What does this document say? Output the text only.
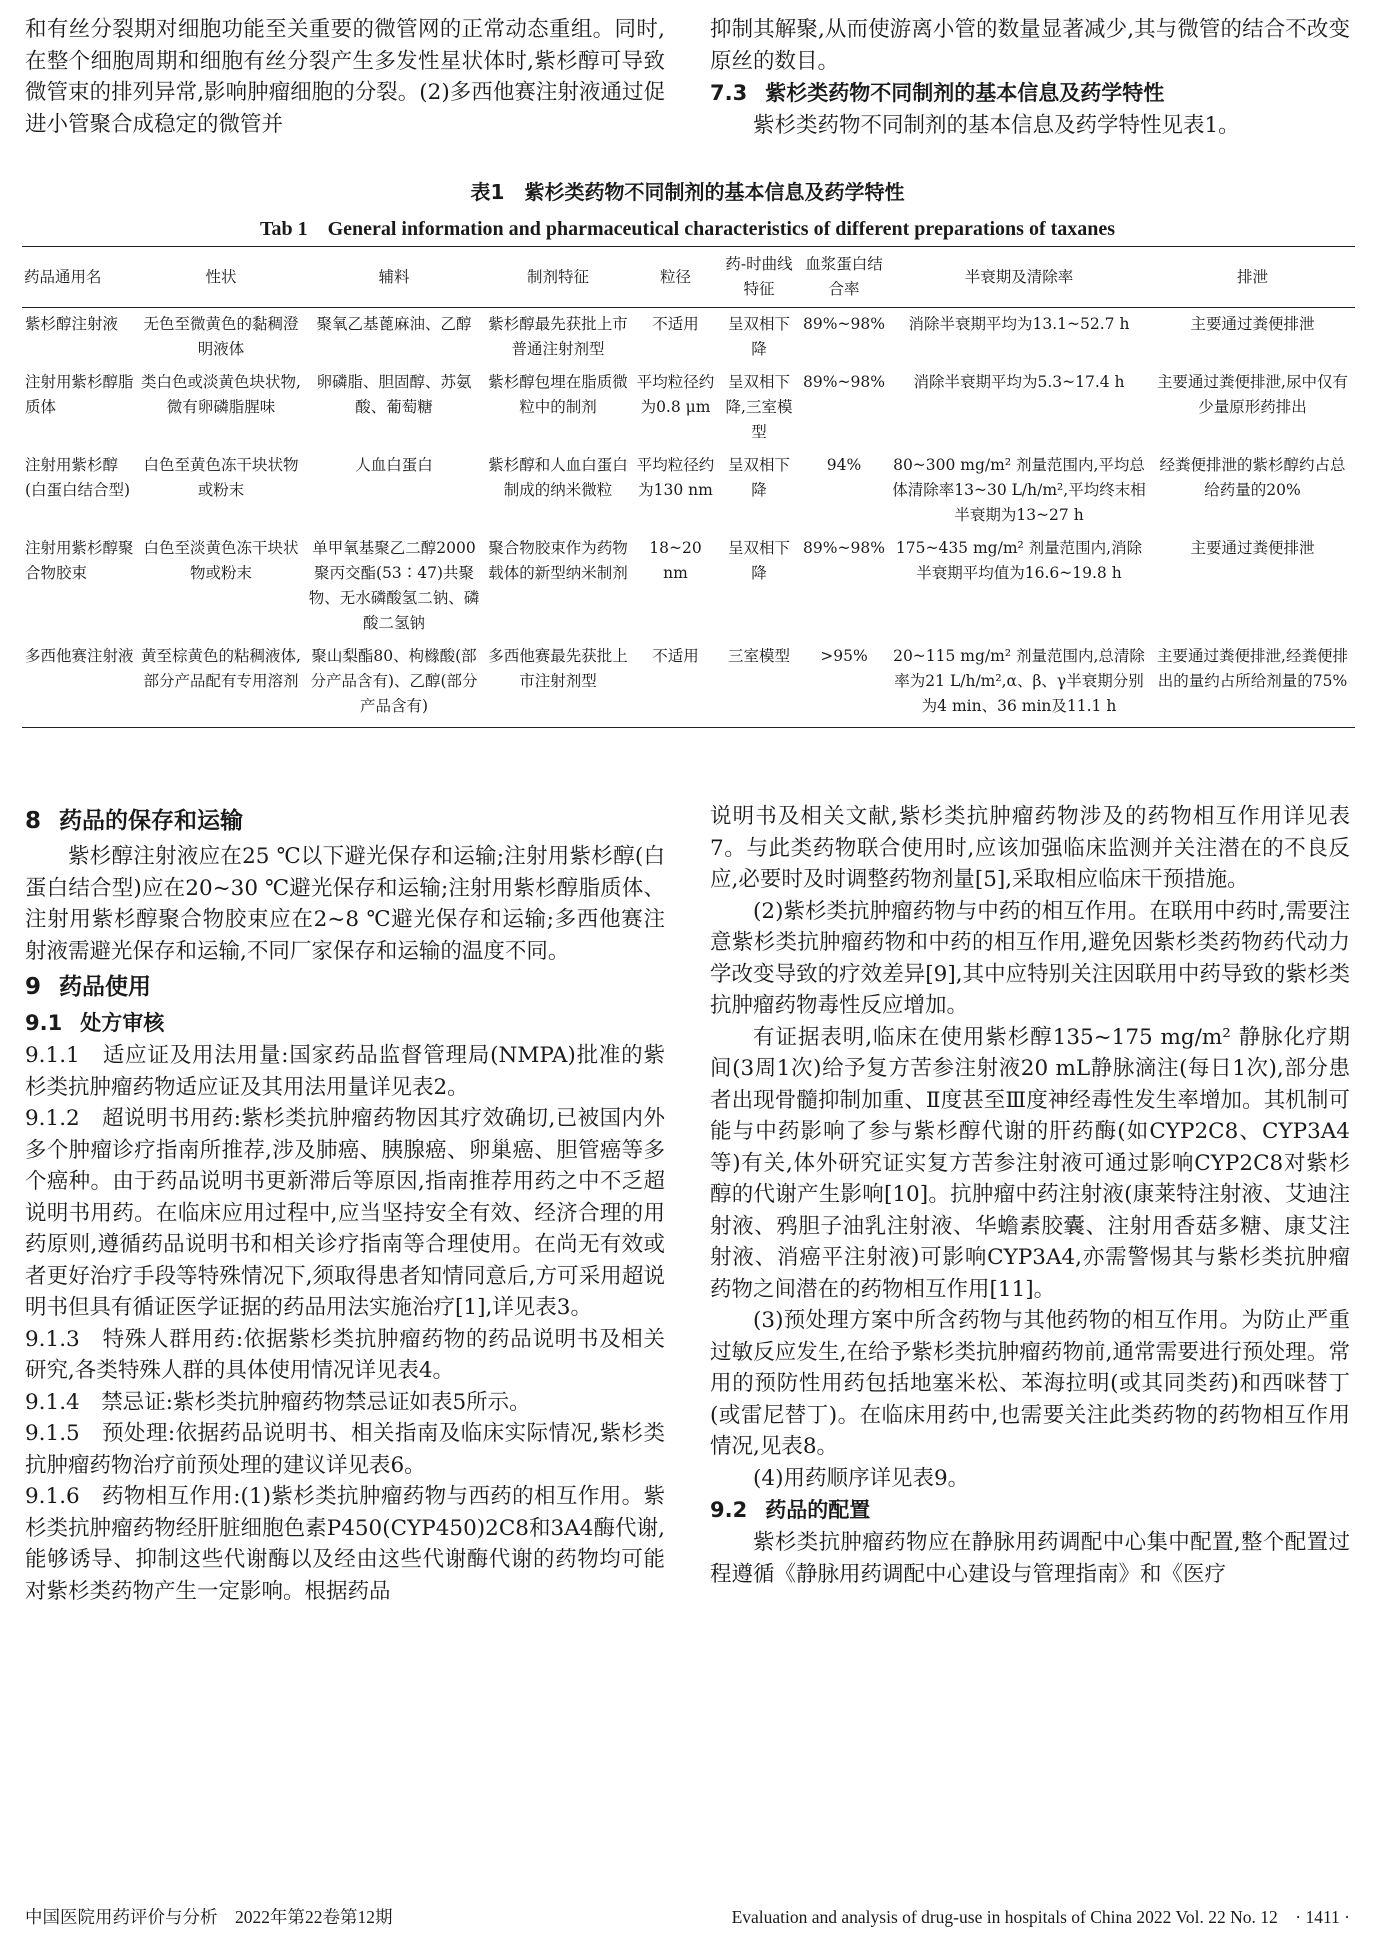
和有丝分裂期对细胞功能至关重要的微管网的正常动态重组。同时,在整个细胞周期和细胞有丝分裂产生多发性星状体时,紫杉醇可导致微管束的排列异常,影响肿瘤细胞的分裂。(2)多西他赛注射液通过促进小管聚合成稳定的微管并

抑制其解聚,从而使游离小管的数量显著减少,其与微管的结合不改变原丝的数目。

7.3 紫杉类药物不同制剂的基本信息及药学特性

紫杉类药物不同制剂的基本信息及药学特性见表1。

表1　紫杉类药物不同制剂的基本信息及药学特性
Tab 1　General information and pharmaceutical characteristics of different preparations of taxanes
药品通用名	性状	辅料	制剂特征	粒径	药-时曲线特征	血浆蛋白结合率	半衰期及清除率	排泄
紫杉醇注射液	无色至微黄色的黏稠澄明液体	聚氧乙基蓖麻油、乙醇	紫杉醇最先获批上市普通注射剂型	不适用	呈双相下降	89%~98%	消除半衰期平均为13.1~52.7 h	主要通过粪便排泄
注射用紫杉醇脂质体	类白色或淡黄色块状物,微有卵磷脂腥味	卵磷脂、胆固醇、苏氨酸、葡萄糖	紫杉醇包埋在脂质微粒中的制剂	平均粒径约为0.8 μm	呈双相下降,三室模型	89%~98%	消除半衰期平均为5.3~17.4 h	主要通过粪便排泄,尿中仅有少量原形药排出
注射用紫杉醇(白蛋白结合型)	白色至黄色冻干块状物或粉末	人血白蛋白	紫杉醇和人血白蛋白制成的纳米微粒	平均粒径约为130 nm	呈双相下降	94%	80~300 mg/m² 剂量范围内,平均总体清除率13~30 L/h/m²,平均终末相半衰期为13~27 h	经粪便排泄的紫杉醇约占总给药量的20%
注射用紫杉醇聚合物胶束	白色至淡黄色冻干块状物或粉末	单甲氧基聚乙二醇2000聚丙交酯(53∶47)共聚物、无水磷酸氢二钠、磷酸二氢钠	聚合物胶束作为药物载体的新型纳米制剂	18~20 nm	呈双相下降	89%~98%	175~435 mg/m² 剂量范围内,消除半衰期平均值为16.6~19.8 h	主要通过粪便排泄
多西他赛注射液	黄至棕黄色的粘稠液体,部分产品配有专用溶剂	聚山梨酯80、枸橼酸(部分产品含有)、乙醇(部分产品含有)	多西他赛最先获批上市注射剂型	不适用	三室模型	>95%	20~115 mg/m² 剂量范围内,总清除率为21 L/h/m²,α、β、γ半衰期分别为4 min、36 min及11.1 h	主要通过粪便排泄,经粪便排出的量约占所给剂量的75%

8 药品的保存和运输

紫杉醇注射液应在25 ℃以下避光保存和运输;注射用紫杉醇(白蛋白结合型)应在20~30 ℃避光保存和运输;注射用紫杉醇脂质体、注射用紫杉醇聚合物胶束应在2~8 ℃避光保存和运输;多西他赛注射液需避光保存和运输,不同厂家保存和运输的温度不同。

9 药品使用

9.1 处方审核

9.1.1　适应证及用法用量:国家药品监督管理局(NMPA)批准的紫杉类抗肿瘤药物适应证及其用法用量详见表2。

9.1.2　超说明书用药:紫杉类抗肿瘤药物因其疗效确切,已被国内外多个肿瘤诊疗指南所推荐,涉及肺癌、胰腺癌、卵巢癌、胆管癌等多个癌种。由于药品说明书更新滞后等原因,指南推荐用药之中不乏超说明书用药。在临床应用过程中,应当坚持安全有效、经济合理的用药原则,遵循药品说明书和相关诊疗指南等合理使用。在尚无有效或者更好治疗手段等特殊情况下,须取得患者知情同意后,方可采用超说明书但具有循证医学证据的药品用法实施治疗[1],详见表3。

9.1.3　特殊人群用药:依据紫杉类抗肿瘤药物的药品说明书及相关研究,各类特殊人群的具体使用情况详见表4。

9.1.4　禁忌证:紫杉类抗肿瘤药物禁忌证如表5所示。

9.1.5　预处理:依据药品说明书、相关指南及临床实际情况,紫杉类抗肿瘤药物治疗前预处理的建议详见表6。

9.1.6　药物相互作用:(1)紫杉类抗肿瘤药物与西药的相互作用。紫杉类抗肿瘤药物经肝脏细胞色素P450(CYP450)2C8和3A4酶代谢,能够诱导、抑制这些代谢酶以及经由这些代谢酶代谢的药物均可能对紫杉类药物产生一定影响。根据药品

说明书及相关文献,紫杉类抗肿瘤药物涉及的药物相互作用详见表7。与此类药物联合使用时,应该加强临床监测并关注潜在的不良反应,必要时及时调整药物剂量[5],采取相应临床干预措施。

(2)紫杉类抗肿瘤药物与中药的相互作用。在联用中药时,需要注意紫杉类抗肿瘤药物和中药的相互作用,避免因紫杉类药物药代动力学改变导致的疗效差异[9],其中应特别关注因联用中药导致的紫杉类抗肿瘤药物毒性反应增加。

有证据表明,临床在使用紫杉醇135~175 mg/m² 静脉化疗期间(3周1次)给予复方苦参注射液20 mL静脉滴注(每日1次),部分患者出现骨髓抑制加重、Ⅱ度甚至Ⅲ度神经毒性发生率增加。其机制可能与中药影响了参与紫杉醇代谢的肝药酶(如CYP2C8、CYP3A4等)有关,体外研究证实复方苦参注射液可通过影响CYP2C8对紫杉醇的代谢产生影响[10]。抗肿瘤中药注射液(康莱特注射液、艾迪注射液、鸦胆子油乳注射液、华蟾素胶囊、注射用香菇多糖、康艾注射液、消癌平注射液)可影响CYP3A4,亦需警惕其与紫杉类抗肿瘤药物之间潜在的药物相互作用[11]。

(3)预处理方案中所含药物与其他药物的相互作用。为防止严重过敏反应发生,在给予紫杉类抗肿瘤药物前,通常需要进行预处理。常用的预防性用药包括地塞米松、苯海拉明(或其同类药)和西咪替丁(或雷尼替丁)。在临床用药中,也需要关注此类药物的药物相互作用情况,见表8。

(4)用药顺序详见表9。

9.2 药品的配置

紫杉类抗肿瘤药物应在静脉用药调配中心集中配置,整个配置过程遵循《静脉用药调配中心建设与管理指南》和《医疗

中国医院用药评价与分析　2022年第22卷第12期	Evaluation and analysis of drug-use in hospitals of China 2022 Vol. 22 No. 12　· 1411 ·
